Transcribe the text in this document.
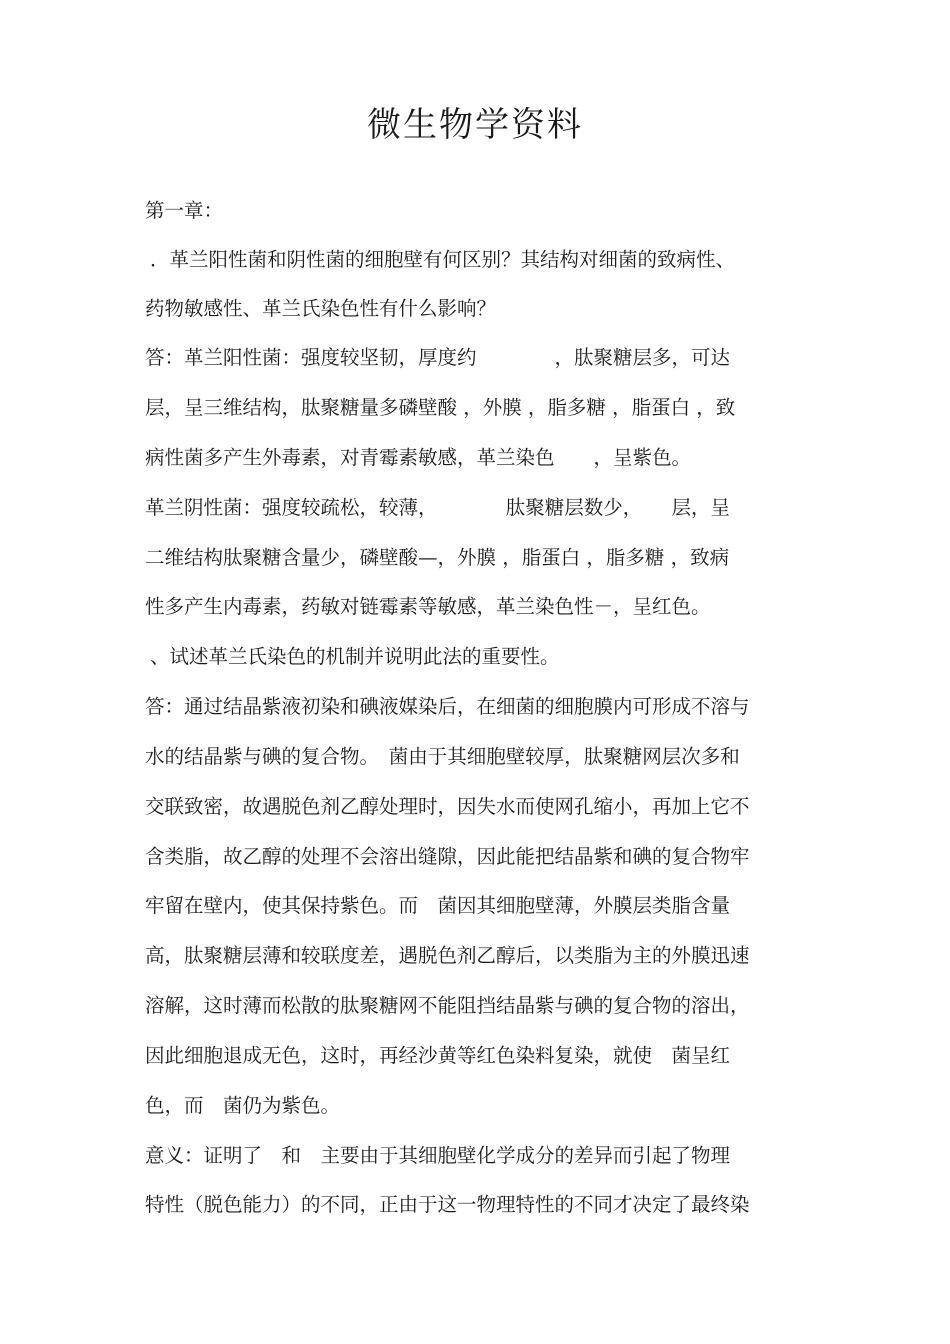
微生物学资料
第一章：
．革兰阳性菌和阴性菌的细胞壁有何区别？其结构对细菌的致病性、
药物敏感性、革兰氏染色性有什么影响？
答：革兰阳性菌：强度较坚韧，厚度约　　　　，肽聚糖层多，可达
层，呈三维结构，肽聚糖量多磷壁酸 ，外膜 ，脂多糖 ，脂蛋白 ，致
病性菌多产生外毒素，对青霉素敏感，革兰染色　　，呈紫色。
革兰阴性菌：强度较疏松，较薄，　　　　肽聚糖层数少，　　层，呈
二维结构肽聚糖含量少，磷壁酸—，外膜 ，脂蛋白 ，脂多糖 ，致病
性多产生内毒素，药敏对链霉素等敏感，革兰染色性－，呈红色。
、试述革兰氏染色的机制并说明此法的重要性。
答：通过结晶紫液初染和碘液媒染后，在细菌的细胞膜内可形成不溶与
水的结晶紫与碘的复合物。　菌由于其细胞壁较厚，肽聚糖网层次多和
交联致密，故遇脱色剂乙醇处理时，因失水而使网孔缩小，再加上它不
含类脂，故乙醇的处理不会溶出缝隙，因此能把结晶紫和碘的复合物牢
牢留在壁内，使其保持紫色。而　菌因其细胞壁薄，外膜层类脂含量
高，肽聚糖层薄和较联度差，遇脱色剂乙醇后，以类脂为主的外膜迅速
溶解，这时薄而松散的肽聚糖网不能阻挡结晶紫与碘的复合物的溶出，
因此细胞退成无色，这时，再经沙黄等红色染料复染，就使　菌呈红
色，而　菌仍为紫色。
意义：证明了　和　主要由于其细胞壁化学成分的差异而引起了物理
特性（脱色能力）的不同，正由于这一物理特性的不同才决定了最终染
